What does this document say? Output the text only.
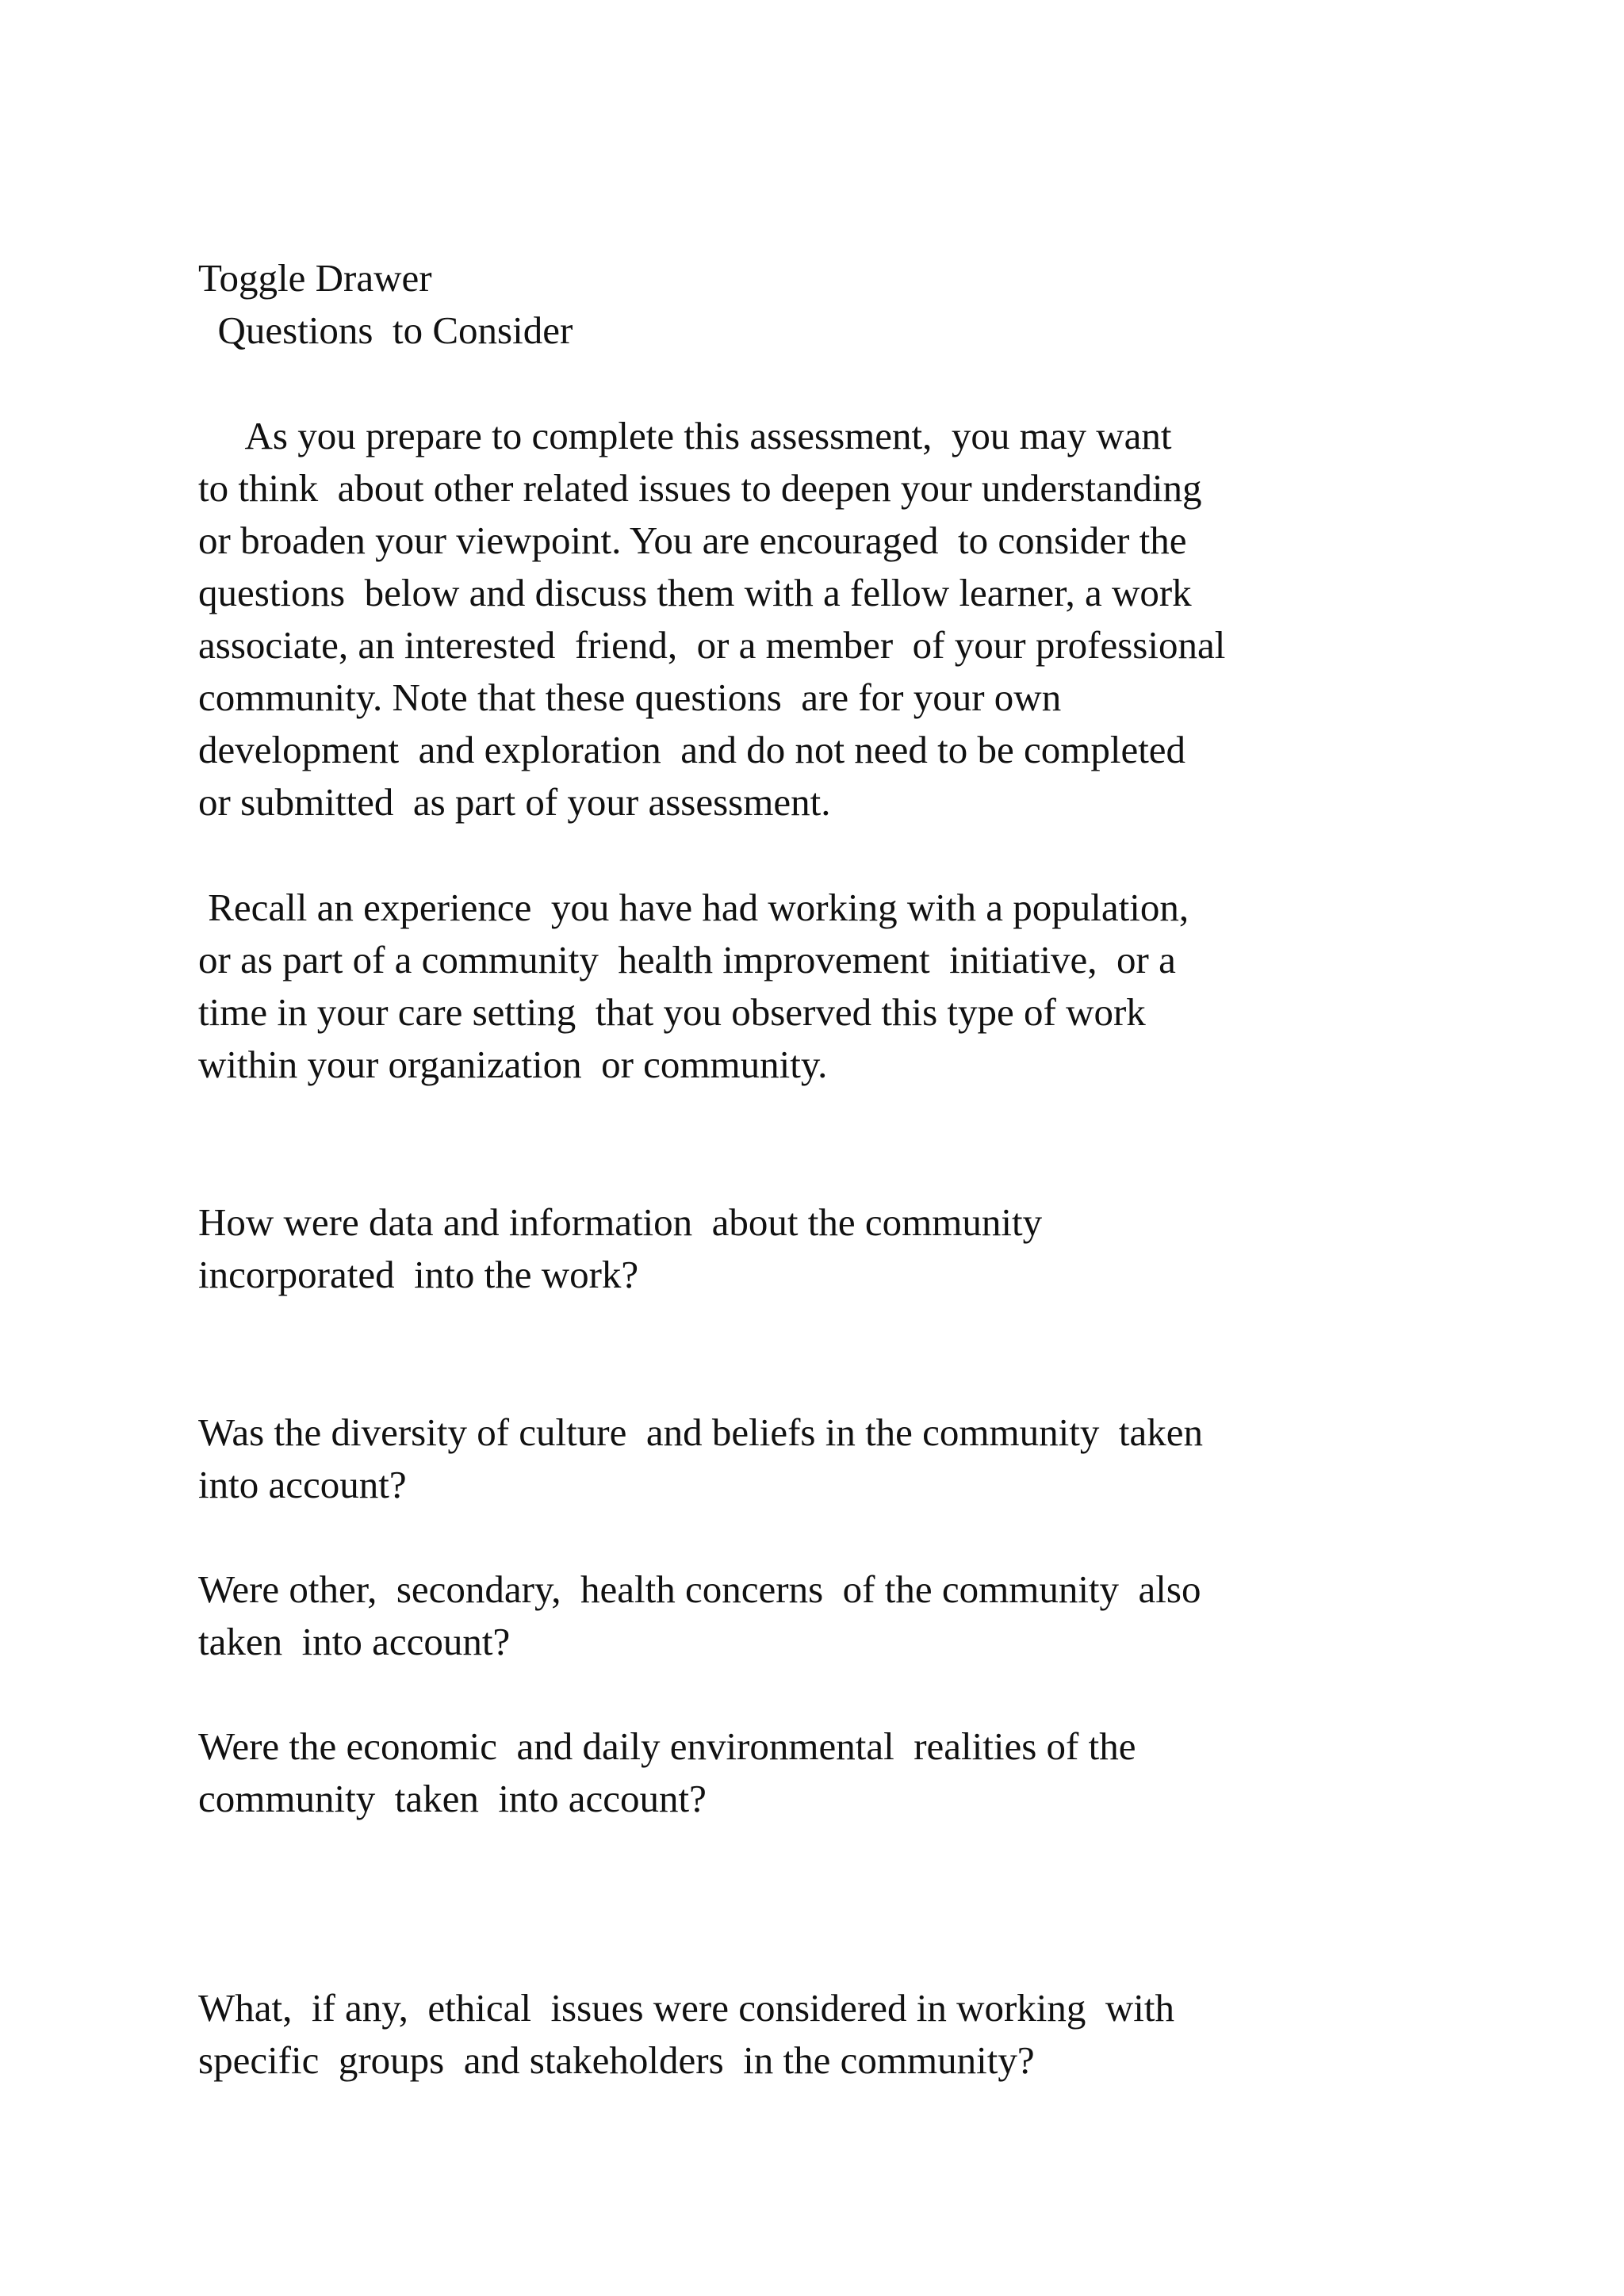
Toggle Drawer
Questions  to Consider
As you prepare to complete this assessment,  you may want
to think  about other related issues to deepen your understanding
or broaden your viewpoint. You are encouraged  to consider the
questions  below and discuss them with a fellow learner, a work
associate, an interested  friend,  or a member  of your professional
community. Note that these questions  are for your own
development  and exploration  and do not need to be completed
or submitted  as part of your assessment.
Recall an experience  you have had working with a population,
or as part of a community  health improvement  initiative,  or a
time in your care setting  that you observed this type of work
within your organization  or community.
How were data and information  about the community
incorporated  into the work?
Was the diversity of culture  and beliefs in the community  taken
into account?
Were other,  secondary,  health concerns  of the community  also
taken  into account?
Were the economic  and daily environmental  realities of the
community  taken  into account?
What,  if any,  ethical  issues were considered in working  with
specific  groups  and stakeholders  in the community?
